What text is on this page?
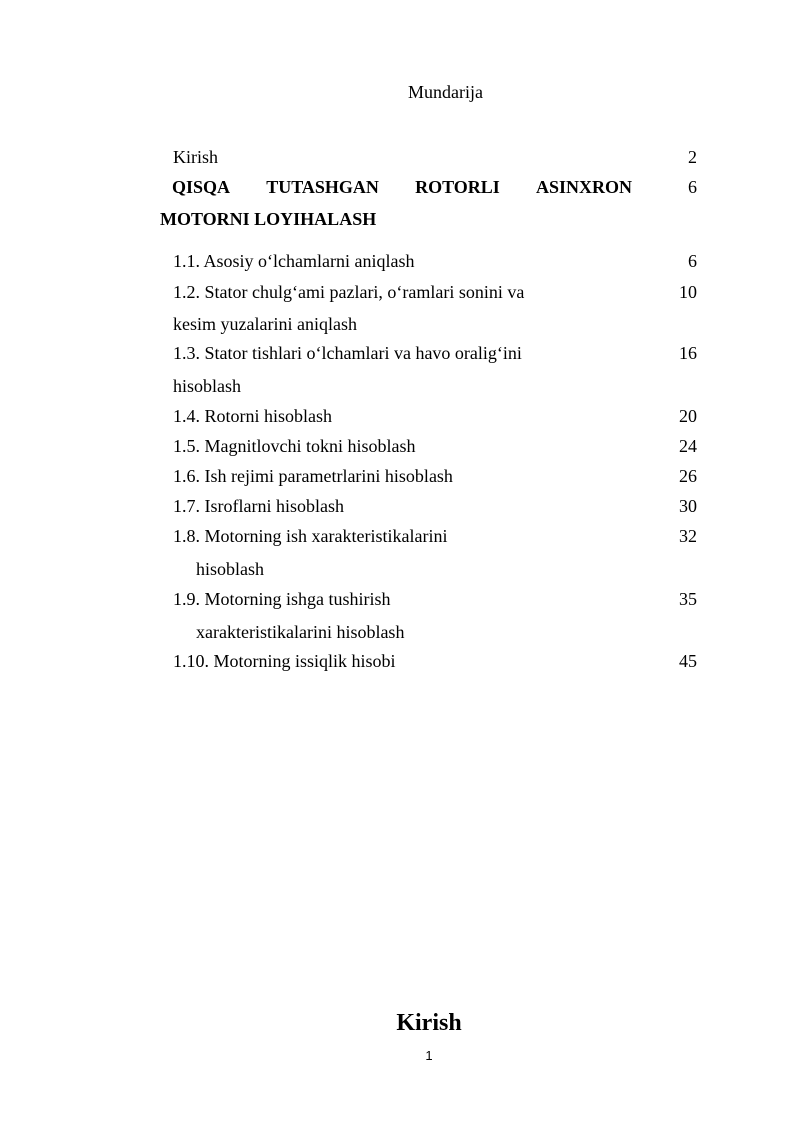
Mundarija
Kirish	2
QISQA TUTASHGAN ROTORLI ASINXRON	6
MOTORNI LOYIHALASH
1.1. Asosiy o‘lchamlarni aniqlash	6
1.2. Stator chulg‘ami pazlari, o‘ramlari sonini va	10
kesim yuzalarini aniqlash
1.3. Stator tishlari o‘lchamlari va havo oralig‘ini	16
hisoblash
1.4. Rotorni hisoblash	20
1.5. Magnitlovchi tokni hisoblash	24
1.6. Ish rejimi parametrlarini hisoblash	26
1.7. Isroflarni hisoblash	30
1.8. Motorning ish xarakteristikalarini	32
hisoblash
1.9. Motorning ishga tushirish	35
xarakteristikalarini hisoblash
1.10. Motorning issiqlik hisobi	45
Kirish
1
